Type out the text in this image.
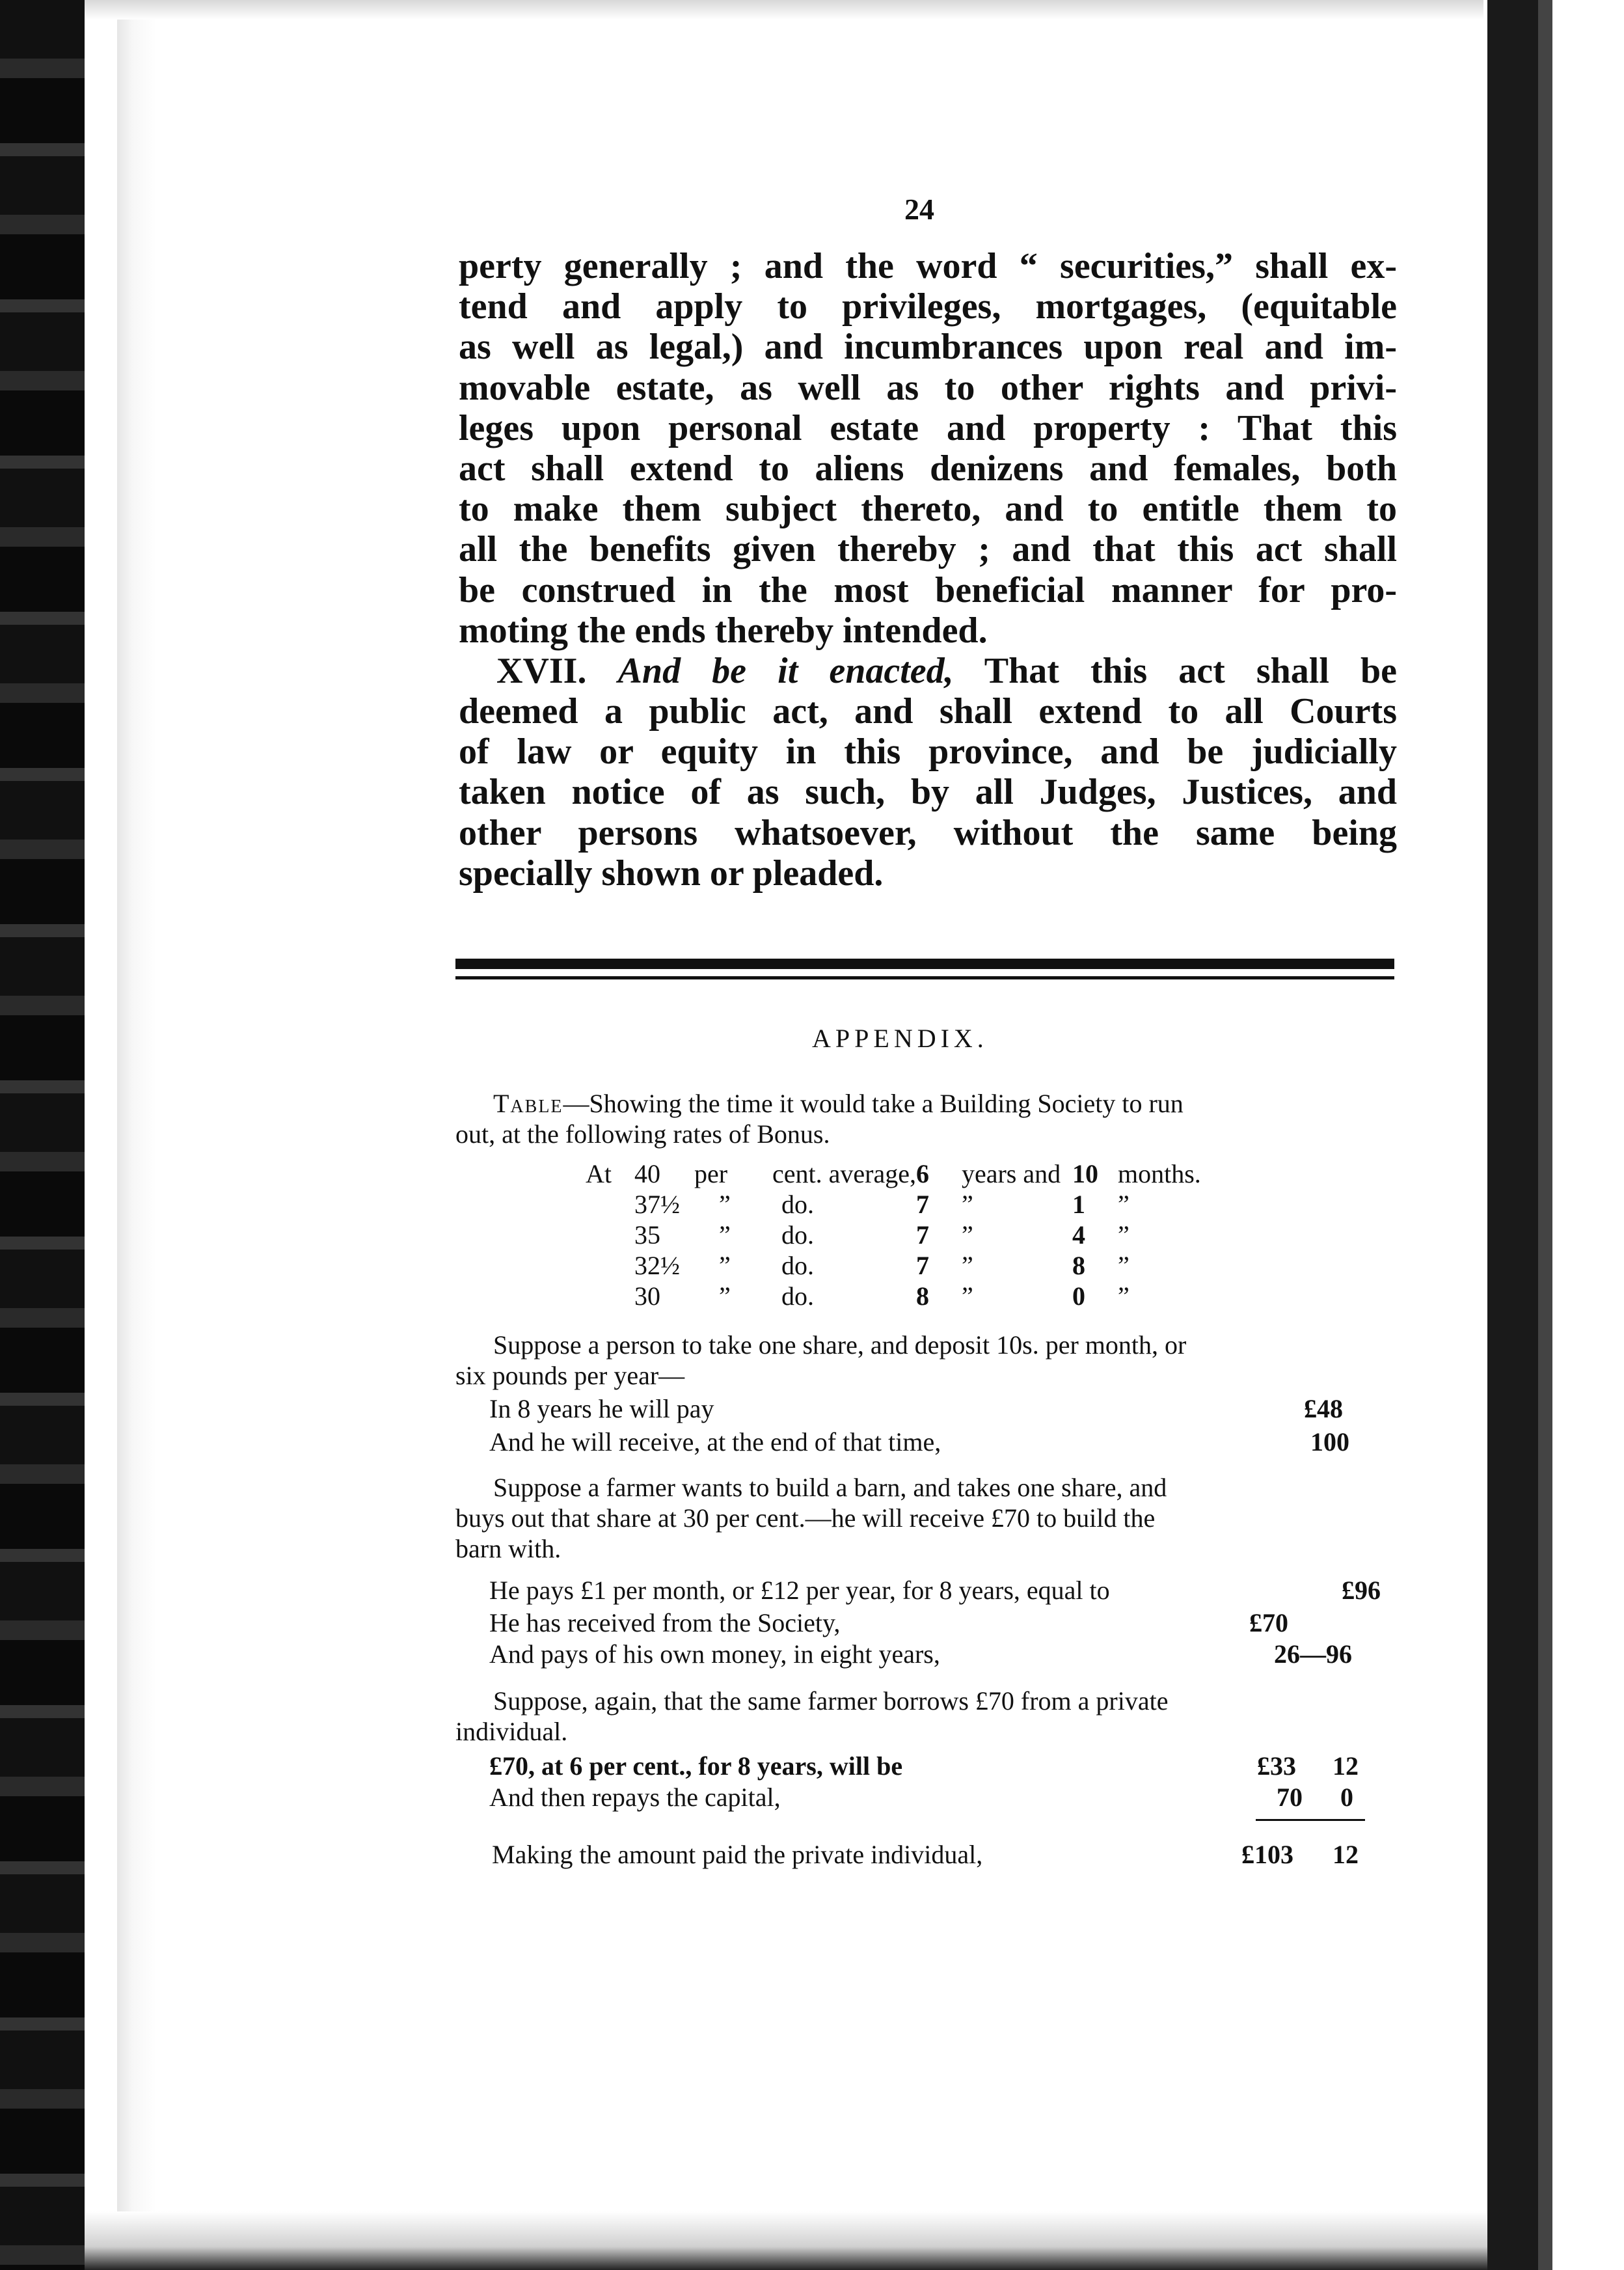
24
perty generally ; and the word “ securities,” shall ex-
tend and apply to privileges, mortgages, (equitable
as well as legal,) and incumbrances upon real and im-
movable estate, as well as to other rights and privi-
leges upon personal estate and property : That this
act shall extend to aliens denizens and females, both
to make them subject thereto, and to entitle them to
all the benefits given thereby ; and that this act shall
be construed in the most beneficial manner for pro-
moting the ends thereby intended.
XVII. And be it enacted, That this act shall be
deemed a public act, and shall extend to all Courts
of law or equity in this province, and be judicially
taken notice of as such, by all Judges, Justices, and
other persons whatsoever, without the same being
specially shown or pleaded.
APPENDIX.
Table—Showing the time it would take a Building Society to run
out, at the following rates of Bonus.
At	40	per	cent. average,	6	years and	10	months.
	37½	”	do.	7	”	1	”
	35	”	do.	7	”	4	”
	32½	”	do.	7	”	8	”
	30	”	do.	8	”	0	”
Suppose a person to take one share, and deposit 10s. per month, or
six pounds per year—
In 8 years he will pay	£48
And he will receive, at the end of that time,	100
Suppose a farmer wants to build a barn, and takes one share, and
buys out that share at 30 per cent.—he will receive £70 to build the
barn with.
He pays £1 per month, or £12 per year, for 8 years, equal to	£96
He has received from the Society,	£70
And pays of his own money, in eight years,	26—96
Suppose, again, that the same farmer borrows £70 from a private
individual.
£70, at 6 per cent., for 8 years, will be	£33 12
And then repays the capital,	70 0
Making the amount paid the private individual,	£103 12
